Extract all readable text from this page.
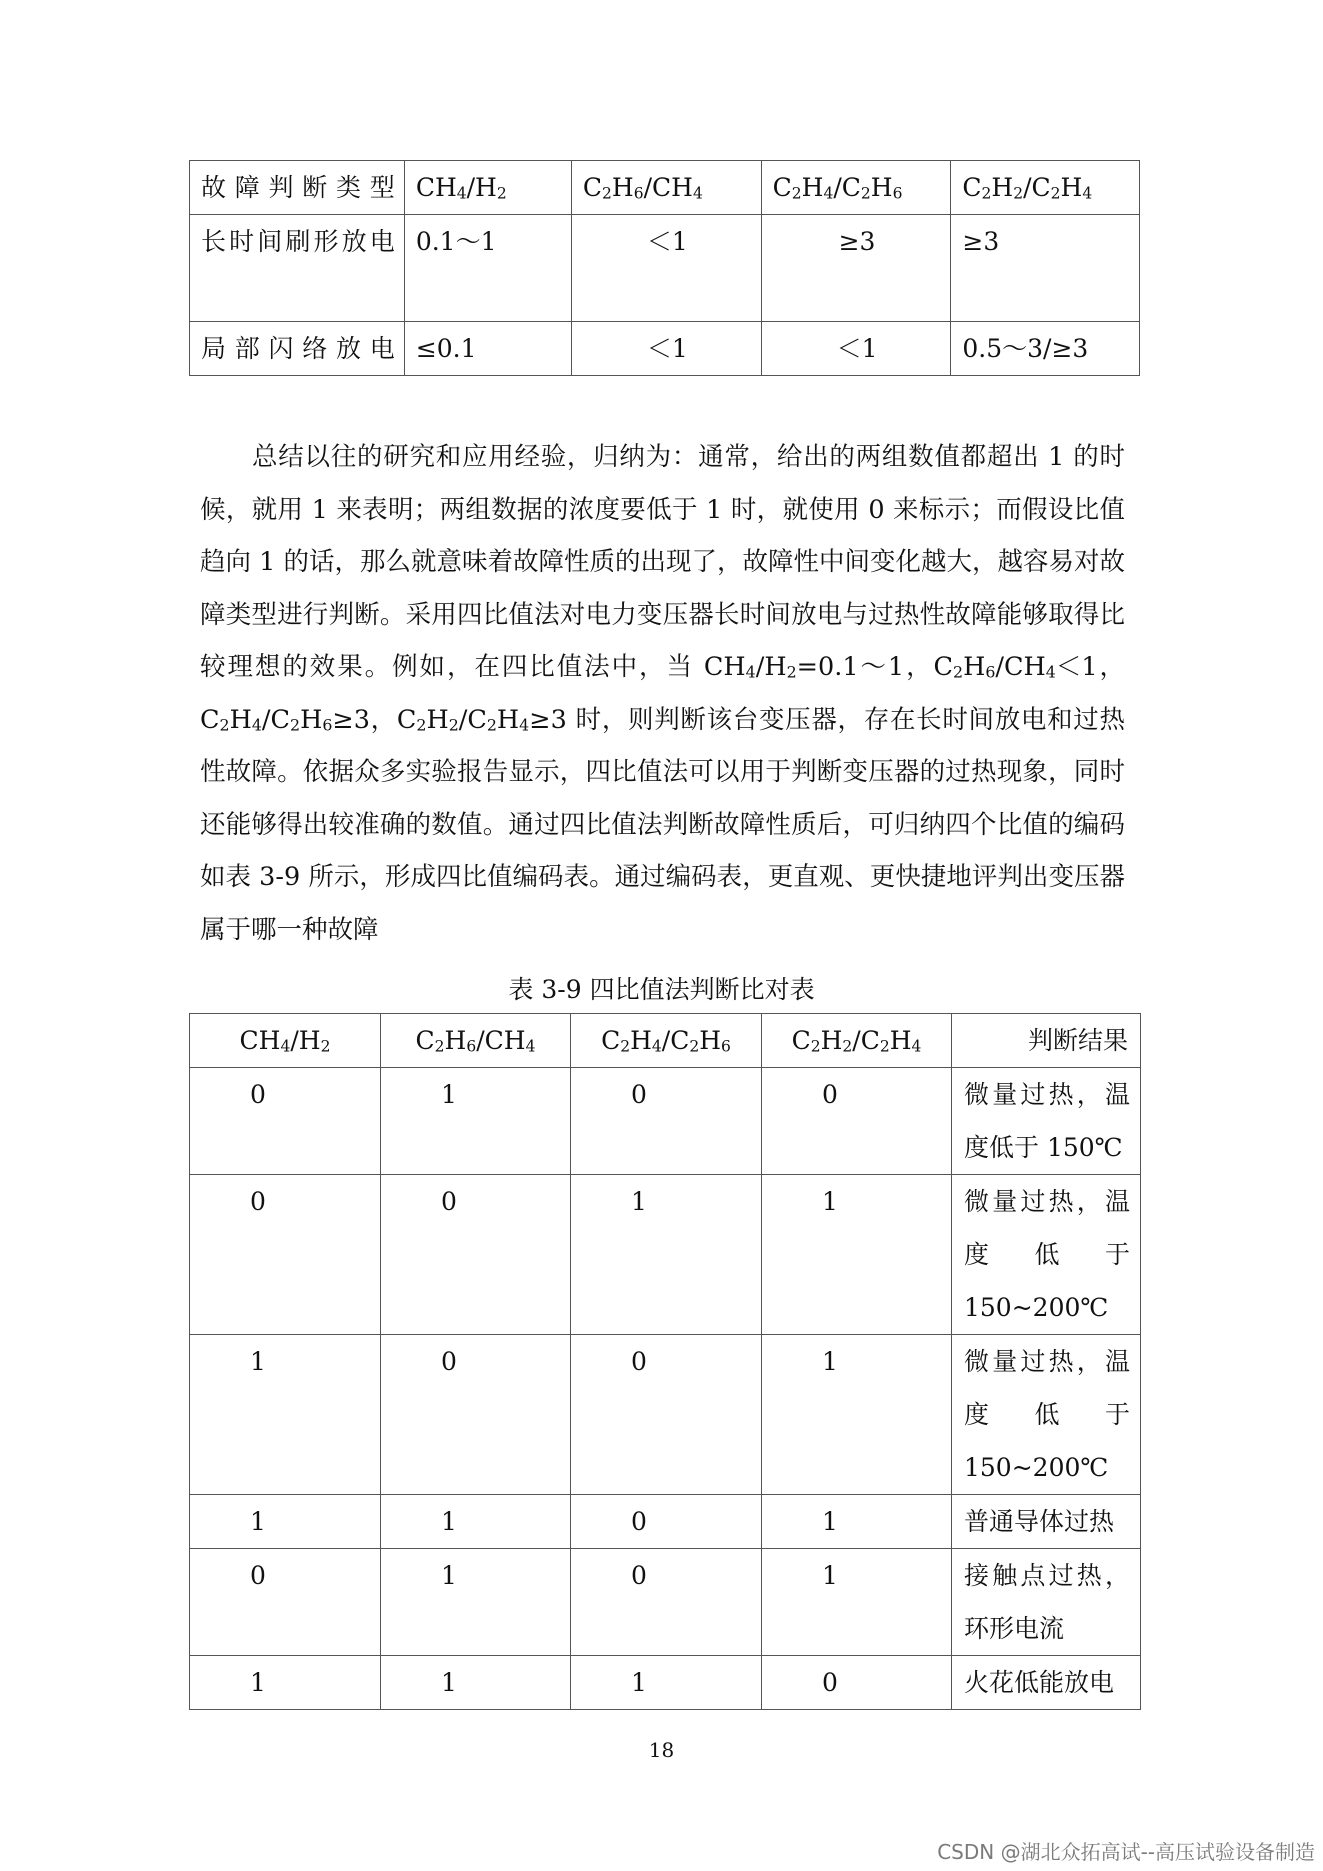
故障判断类型	$CH_4/H_2$	$C_2H_6/CH_4$	$C_2H_4/C_2H_6$	$C_2H_2/C_2H_4$

长时间刷形放电	0.1～1	＜1	≥3	≥3
局部闪络放电	≤0.1	＜1	＜1	0.5～3/≥3

总结以往的研究和应用经验，归纳为：通常，给出的两组数值都超出 1 的时候，就用 1 来表明；两组数据的浓度要低于 1 时，就使用 0 来标示；而假设比值趋向 1 的话，那么就意味着故障性质的出现了，故障性中间变化越大，越容易对故障类型进行判断。采用四比值法对电力变压器长时间放电与过热性故障能够取得比较理想的效果。例如，在四比值法中，当 $CH_4/H_2=0.1\sim 1$，$C_2H_6/CH_4<1$，$C_2H_4/C_2H_6\ge 3$，$C_2H_2/C_2H_4\ge 3$ 时，则判断该台变压器，存在长时间放电和过热性故障。依据众多实验报告显示，四比值法可以用于判断变压器的过热现象，同时还能够得出较准确的数值。通过四比值法判断故障性质后，可归纳四个比值的编码如表 3-9 所示，形成四比值编码表。通过编码表，更直观、更快捷地评判出变压器属于哪一种故障

表 3-9 四比值法判断比对表

$CH_4/H_2$	$C_2H_6/CH_4$	$C_2H_4/C_2H_6$	$C_2H_2/C_2H_4$	判断结果
0	1	0	0	微量过热，温度低于 150℃

0	0	1	1	微量过热，温度低于150~200℃

1	0	0	1	微量过热，温度低于150~200℃

1	1	0	1	普通导体过热
0	1	0	1	接触点过热，环形电流

1	1	1	0	火花低能放电

18

CSDN @湖北众拓高试--高压试验设备制造
